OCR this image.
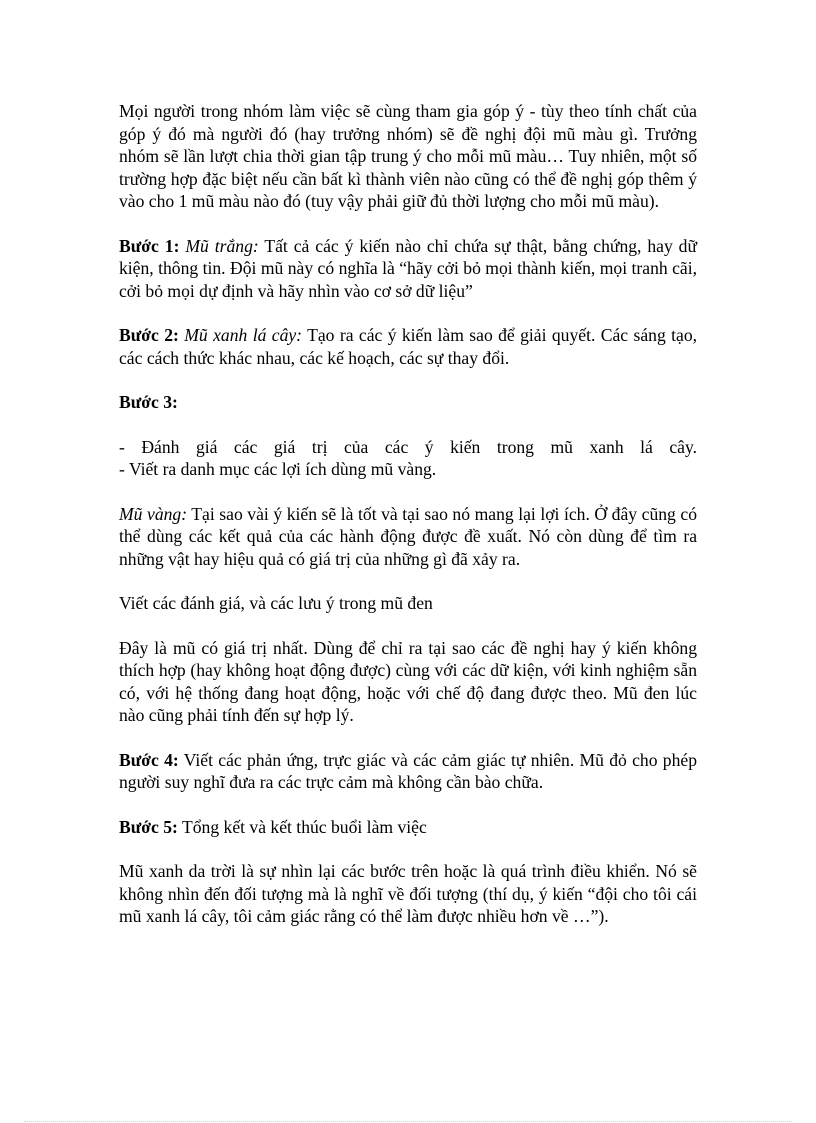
Mọi người trong nhóm làm việc sẽ cùng tham gia góp ý - tùy theo tính chất của góp ý đó mà người đó (hay trưởng nhóm) sẽ đề nghị đội mũ màu gì. Trưởng nhóm sẽ lần lượt chia thời gian tập trung ý cho mỗi mũ màu… Tuy nhiên, một số trường hợp đặc biệt nếu cần bất kì thành viên nào cũng có thể đề nghị góp thêm ý vào cho 1 mũ màu nào đó (tuy vậy phải giữ đủ thời lượng cho mỗi mũ màu).

Bước 1: Mũ trắng: Tất cả các ý kiến nào chỉ chứa sự thật, bằng chứng, hay dữ kiện, thông tin. Đội mũ này có nghĩa là “hãy cởi bỏ mọi thành kiến, mọi tranh cãi, cởi bỏ mọi dự định và hãy nhìn vào cơ sở dữ liệu”

Bước 2: Mũ xanh lá cây: Tạo ra các ý kiến làm sao để giải quyết. Các sáng tạo, các cách thức khác nhau, các kế hoạch, các sự thay đổi.

Bước 3:

- Đánh giá các giá trị của các ý kiến trong mũ xanh lá cây.
- Viết ra danh mục các lợi ích dùng mũ vàng.

Mũ vàng: Tại sao vài ý kiến sẽ là tốt và tại sao nó mang lại lợi ích. Ở đây cũng có thể dùng các kết quả của các hành động được đề xuất. Nó còn dùng để tìm ra những vật hay hiệu quả có giá trị của những gì đã xảy ra.

Viết các đánh giá, và các lưu ý trong mũ đen

Đây là mũ có giá trị nhất. Dùng để chỉ ra tại sao các đề nghị hay ý kiến không thích hợp (hay không hoạt động được) cùng với các dữ kiện, với kinh nghiệm sẵn có, với hệ thống đang hoạt động, hoặc với chế độ đang được theo. Mũ đen lúc nào cũng phải tính đến sự hợp lý.

Bước 4: Viết các phản ứng, trực giác và các cảm giác tự nhiên. Mũ đỏ cho phép người suy nghĩ đưa ra các trực cảm mà không cần bào chữa.

Bước 5: Tổng kết và kết thúc buổi làm việc

Mũ xanh da trời là sự nhìn lại các bước trên hoặc là quá trình điều khiển. Nó sẽ không nhìn đến đối tượng mà là nghĩ về đối tượng (thí dụ, ý kiến “đội cho tôi cái mũ xanh lá cây, tôi cảm giác rằng có thể làm được nhiều hơn về …”).
